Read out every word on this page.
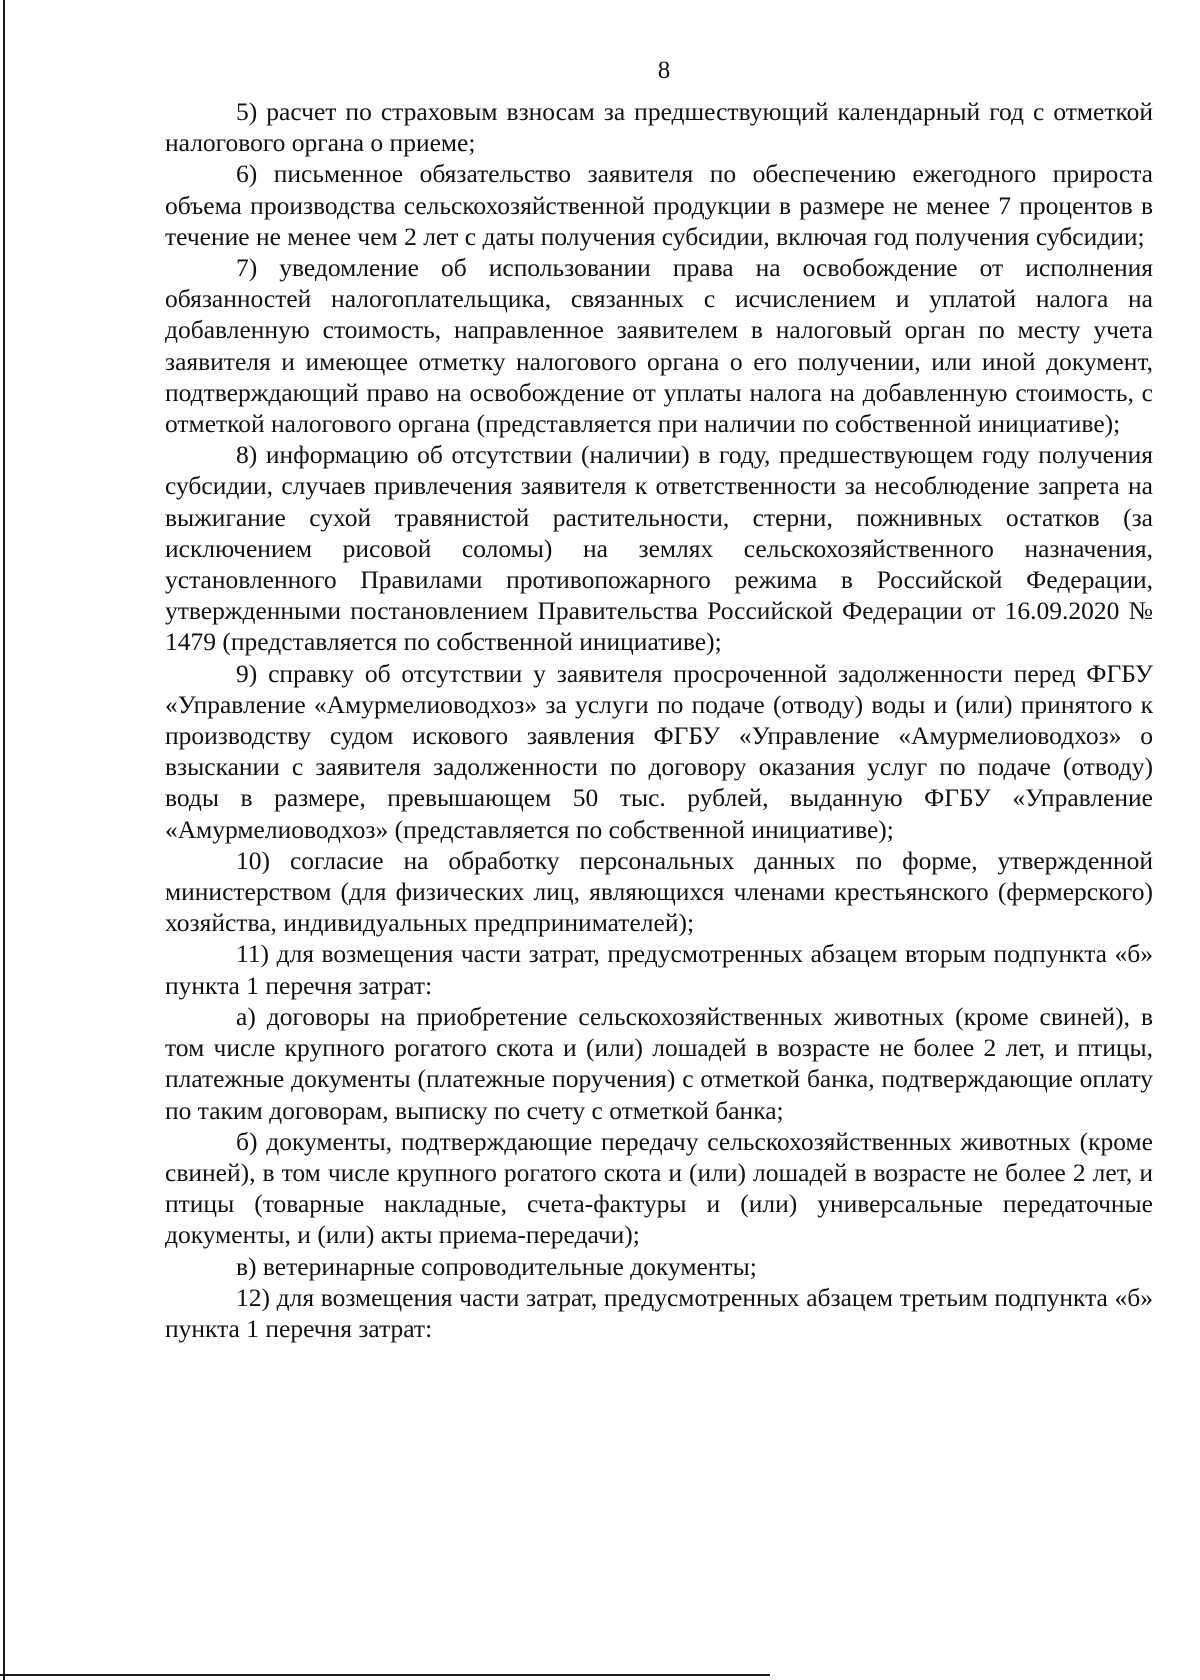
8

5) расчет по страховым взносам за предшествующий календарный год с отметкой налогового органа о приеме;

6) письменное обязательство заявителя по обеспечению ежегодного прироста объема производства сельскохозяйственной продукции в размере не менее 7 процентов в течение не менее чем 2 лет с даты получения субсидии, включая год получения субсидии;

7) уведомление об использовании права на освобождение от исполнения обязанностей налогоплательщика, связанных с исчислением и уплатой налога на добавленную стоимость, направленное заявителем в налоговый орган по месту учета заявителя и имеющее отметку налогового органа о его получении, или иной документ, подтверждающий право на освобождение от уплаты налога на добавленную стоимость, с отметкой налогового органа (представляется при наличии по собственной инициативе);

8) информацию об отсутствии (наличии) в году, предшествующем году получения субсидии, случаев привлечения заявителя к ответственности за несоблюдение запрета на выжигание сухой травянистой растительности, стерни, пожнивных остатков (за исключением рисовой соломы) на землях сельскохозяйственного назначения, установленного Правилами противопожарного режима в Российской Федерации, утвержденными постановлением Правительства Российской Федерации от 16.09.2020 № 1479 (представляется по собственной инициативе);

9) справку об отсутствии у заявителя просроченной задолженности перед ФГБУ «Управление «Амурмелиоводхоз» за услуги по подаче (отводу) воды и (или) принятого к производству судом искового заявления ФГБУ «Управление «Амурмелиоводхоз» о взыскании с заявителя задолженности по договору оказания услуг по подаче (отводу) воды в размере, превышающем 50 тыс. рублей, выданную ФГБУ «Управление «Амурмелиоводхоз» (представляется по собственной инициативе);

10) согласие на обработку персональных данных по форме, утвержденной министерством (для физических лиц, являющихся членами крестьянского (фермерского) хозяйства, индивидуальных предпринимателей);

11) для возмещения части затрат, предусмотренных абзацем вторым подпункта «б» пункта 1 перечня затрат:

а) договоры на приобретение сельскохозяйственных животных (кроме свиней), в том числе крупного рогатого скота и (или) лошадей в возрасте не более 2 лет, и птицы, платежные документы (платежные поручения) с отметкой банка, подтверждающие оплату по таким договорам, выписку по счету с отметкой банка;

б) документы, подтверждающие передачу сельскохозяйственных животных (кроме свиней), в том числе крупного рогатого скота и (или) лошадей в возрасте не более 2 лет, и птицы (товарные накладные, счета-фактуры и (или) универсальные передаточные документы, и (или) акты приема-передачи);

в) ветеринарные сопроводительные документы;

12) для возмещения части затрат, предусмотренных абзацем третьим подпункта «б» пункта 1 перечня затрат:
